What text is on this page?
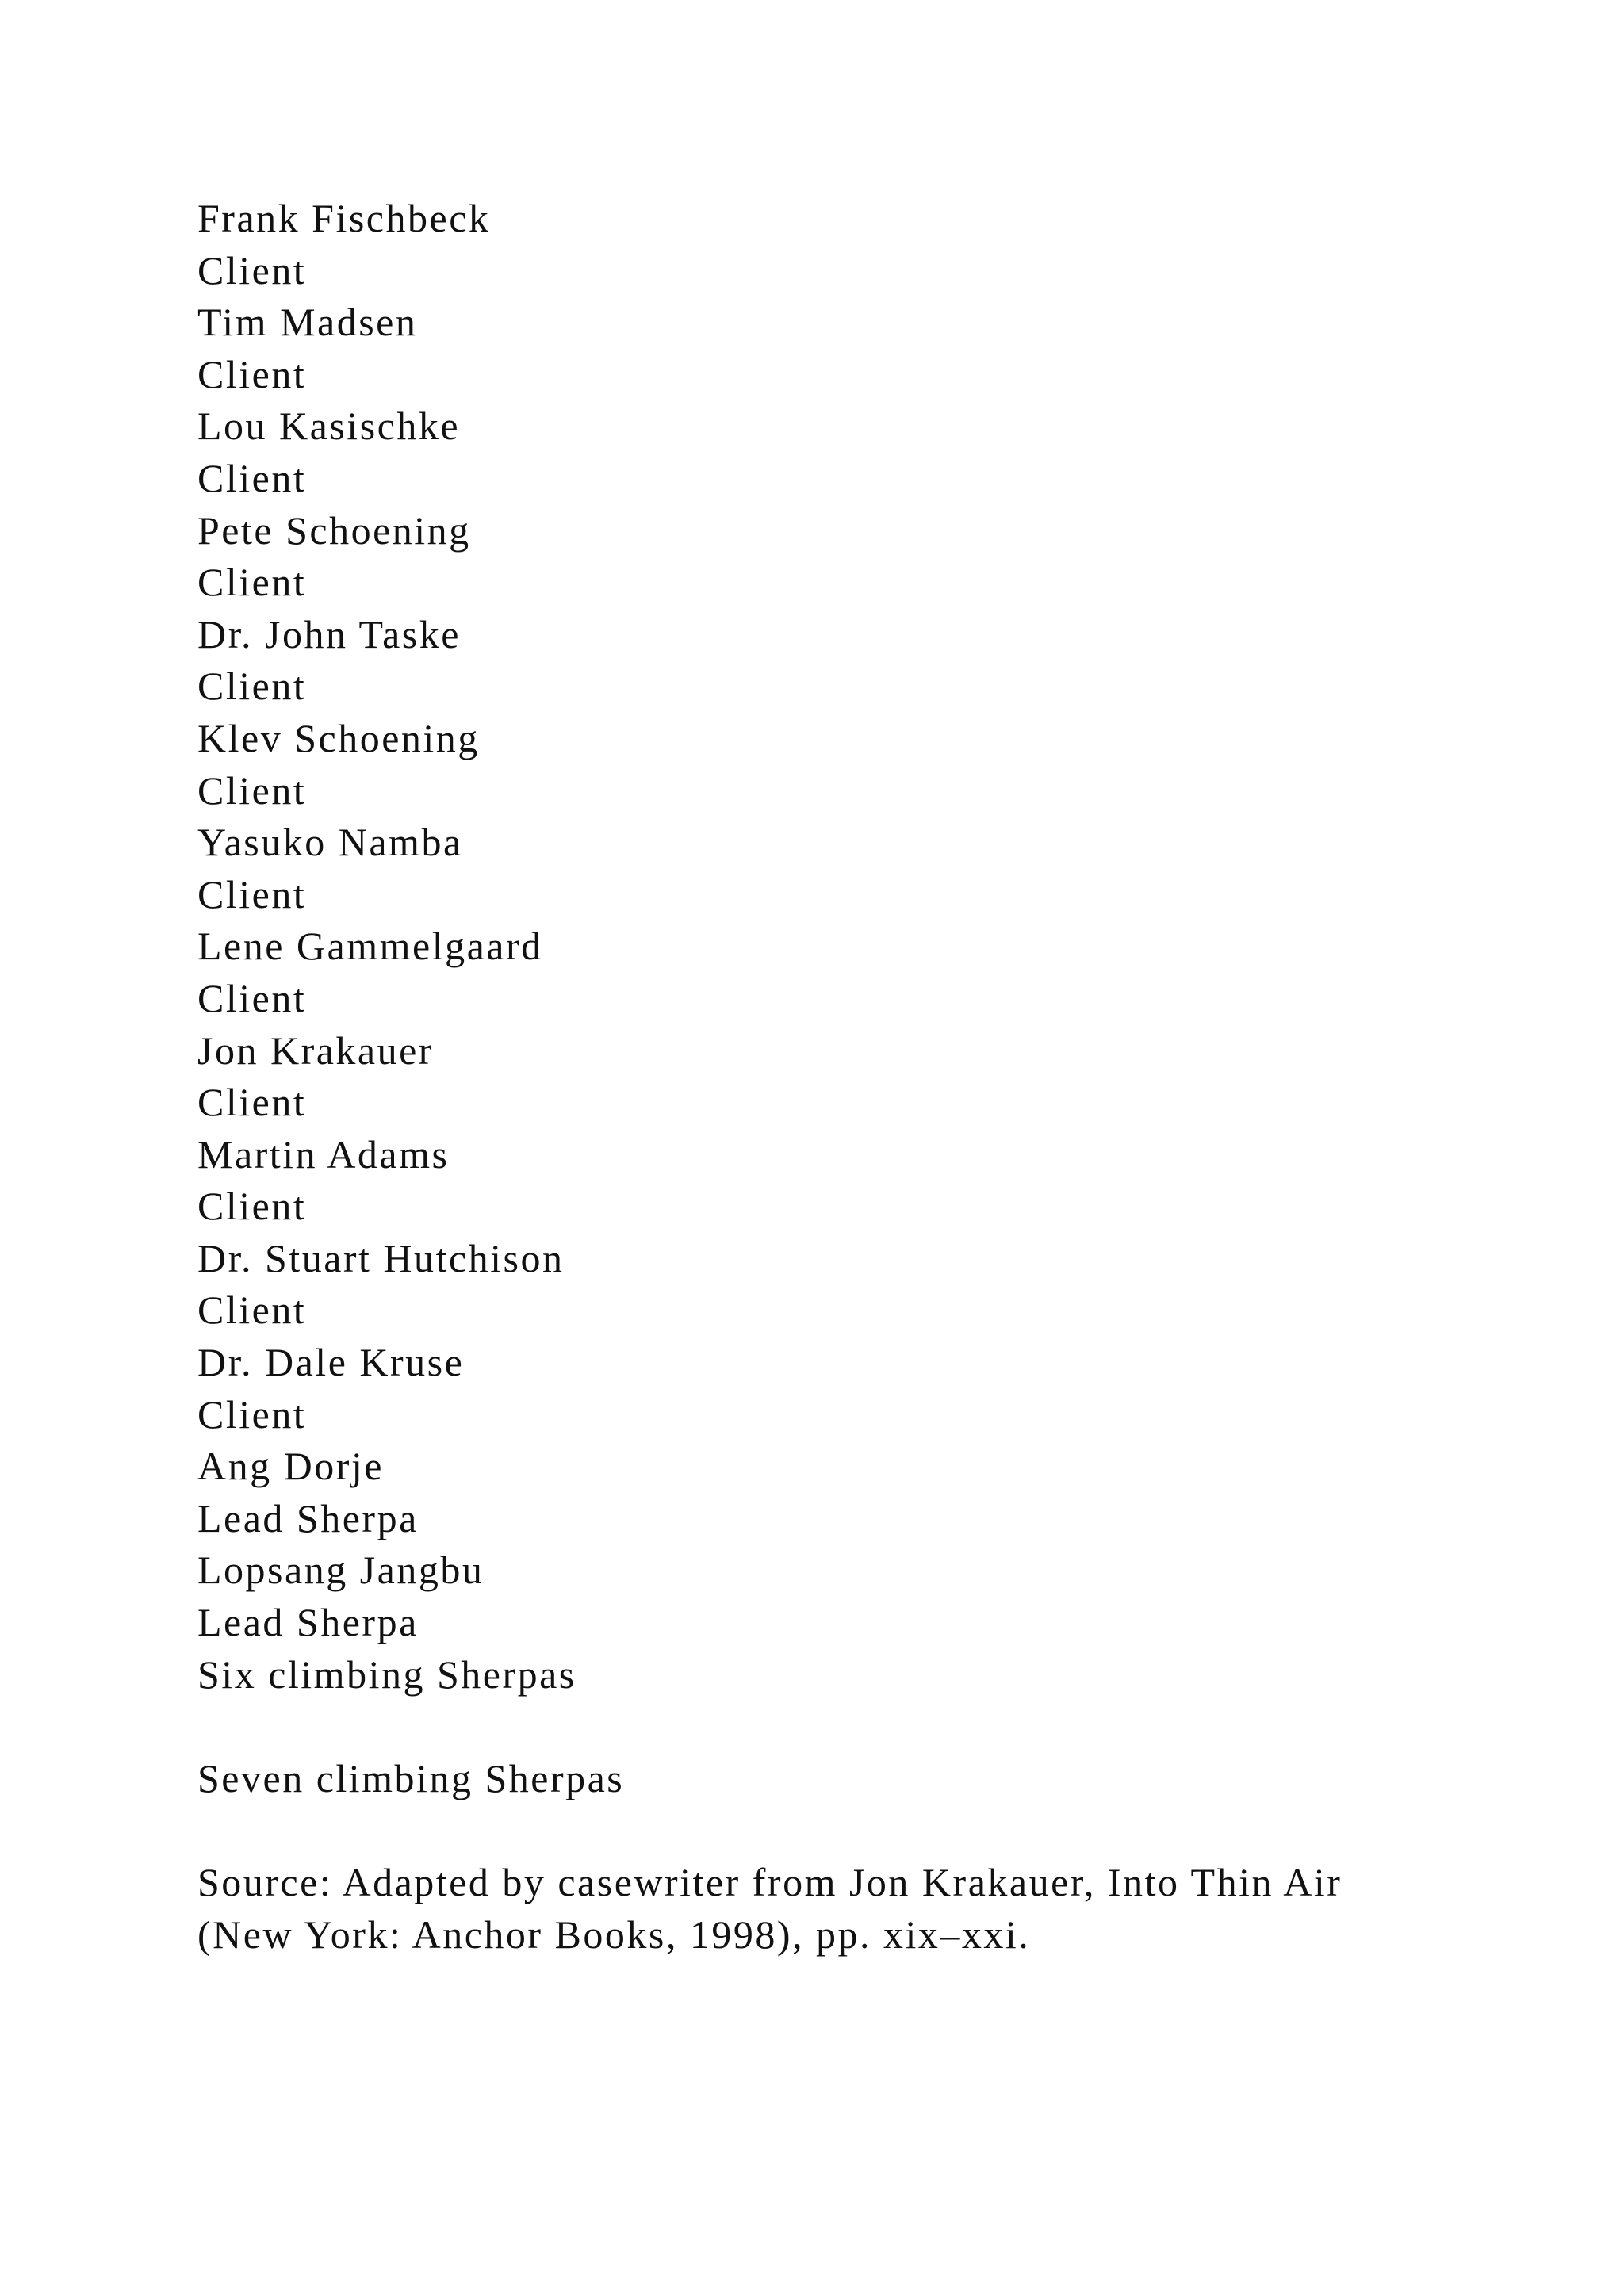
Frank Fischbeck
Client
Tim Madsen
Client
Lou Kasischke
Client
Pete Schoening
Client
Dr. John Taske
Client
Klev Schoening
Client
Yasuko Namba
Client
Lene Gammelgaard
Client
Jon Krakauer
Client
Martin Adams
Client
Dr. Stuart Hutchison
Client
Dr. Dale Kruse
Client
Ang Dorje
Lead Sherpa
Lopsang Jangbu
Lead Sherpa
Six climbing Sherpas
Seven climbing Sherpas
Source: Adapted by casewriter from Jon Krakauer, Into Thin Air
(New York: Anchor Books, 1998), pp. xix–xxi.
